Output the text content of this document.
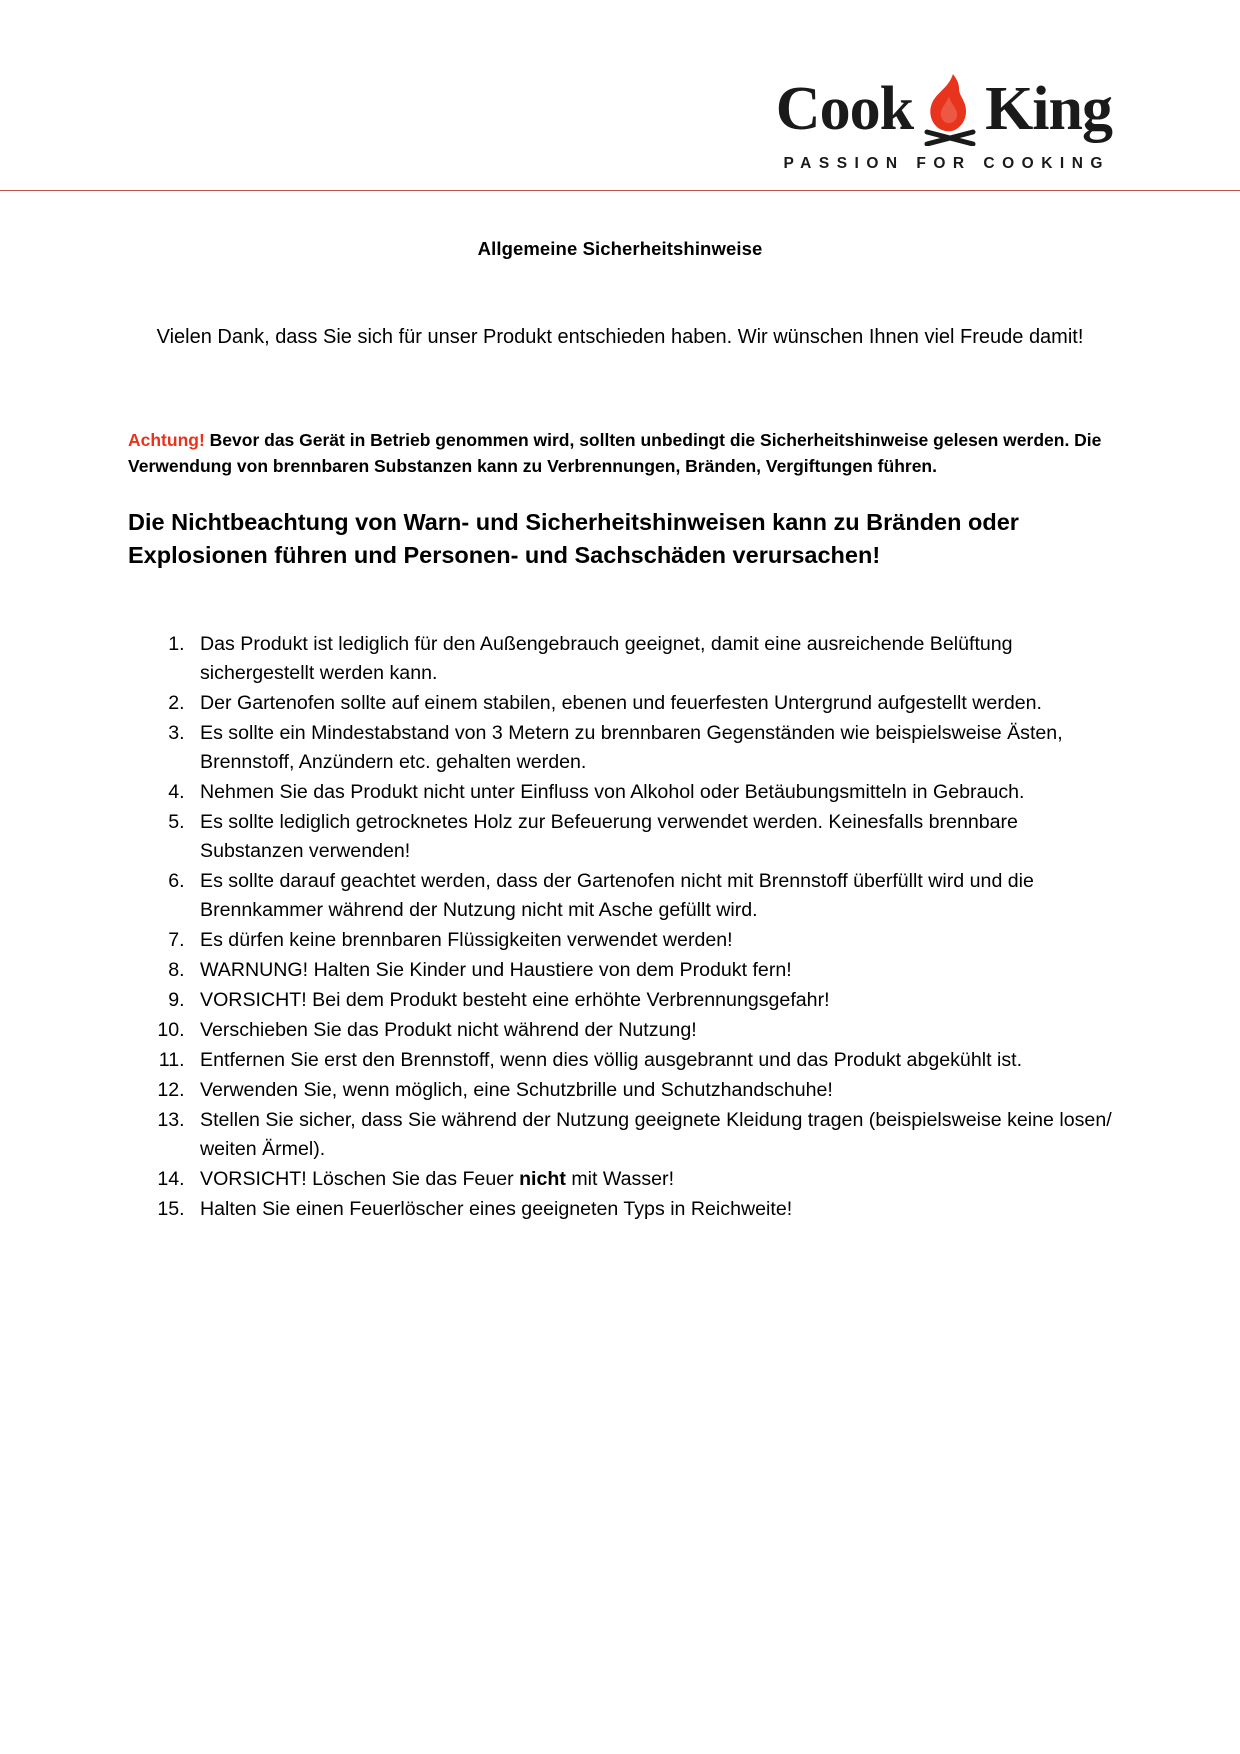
Cook King
PASSION FOR COOKING
Allgemeine Sicherheitshinweise
Vielen Dank, dass Sie sich für unser Produkt entschieden haben. Wir wünschen Ihnen viel Freude damit!
Achtung! Bevor das Gerät in Betrieb genommen wird, sollten unbedingt die Sicherheitshinweise gelesen werden. Die Verwendung von brennbaren Substanzen kann zu Verbrennungen, Bränden, Vergiftungen führen.
Die Nichtbeachtung von Warn- und Sicherheitshinweisen kann zu Bränden oder Explosionen führen und Personen- und Sachschäden verursachen!
1. Das Produkt ist lediglich für den Außengebrauch geeignet, damit eine ausreichende Belüftung sichergestellt werden kann.
2. Der Gartenofen sollte auf einem stabilen, ebenen und feuerfesten Untergrund aufgestellt werden.
3. Es sollte ein Mindestabstand von 3 Metern zu brennbaren Gegenständen wie beispielsweise Ästen, Brennstoff, Anzündern etc. gehalten werden.
4. Nehmen Sie das Produkt nicht unter Einfluss von Alkohol oder Betäubungsmitteln in Gebrauch.
5. Es sollte lediglich getrocknetes Holz zur Befeuerung verwendet werden. Keinesfalls brennbare Substanzen verwenden!
6. Es sollte darauf geachtet werden, dass der Gartenofen nicht mit Brennstoff überfüllt wird und die Brennkammer während der Nutzung nicht mit Asche gefüllt wird.
7. Es dürfen keine brennbaren Flüssigkeiten verwendet werden!
8. WARNUNG! Halten Sie Kinder und Haustiere von dem Produkt fern!
9. VORSICHT! Bei dem Produkt besteht eine erhöhte Verbrennungsgefahr!
10. Verschieben Sie das Produkt nicht während der Nutzung!
11. Entfernen Sie erst den Brennstoff, wenn dies völlig ausgebrannt und das Produkt abgekühlt ist.
12. Verwenden Sie, wenn möglich, eine Schutzbrille und Schutzhandschuhe!
13. Stellen Sie sicher, dass Sie während der Nutzung geeignete Kleidung tragen (beispielsweise keine losen/ weiten Ärmel).
14. VORSICHT! Löschen Sie das Feuer nicht mit Wasser!
15. Halten Sie einen Feuerlöscher eines geeigneten Typs in Reichweite!
